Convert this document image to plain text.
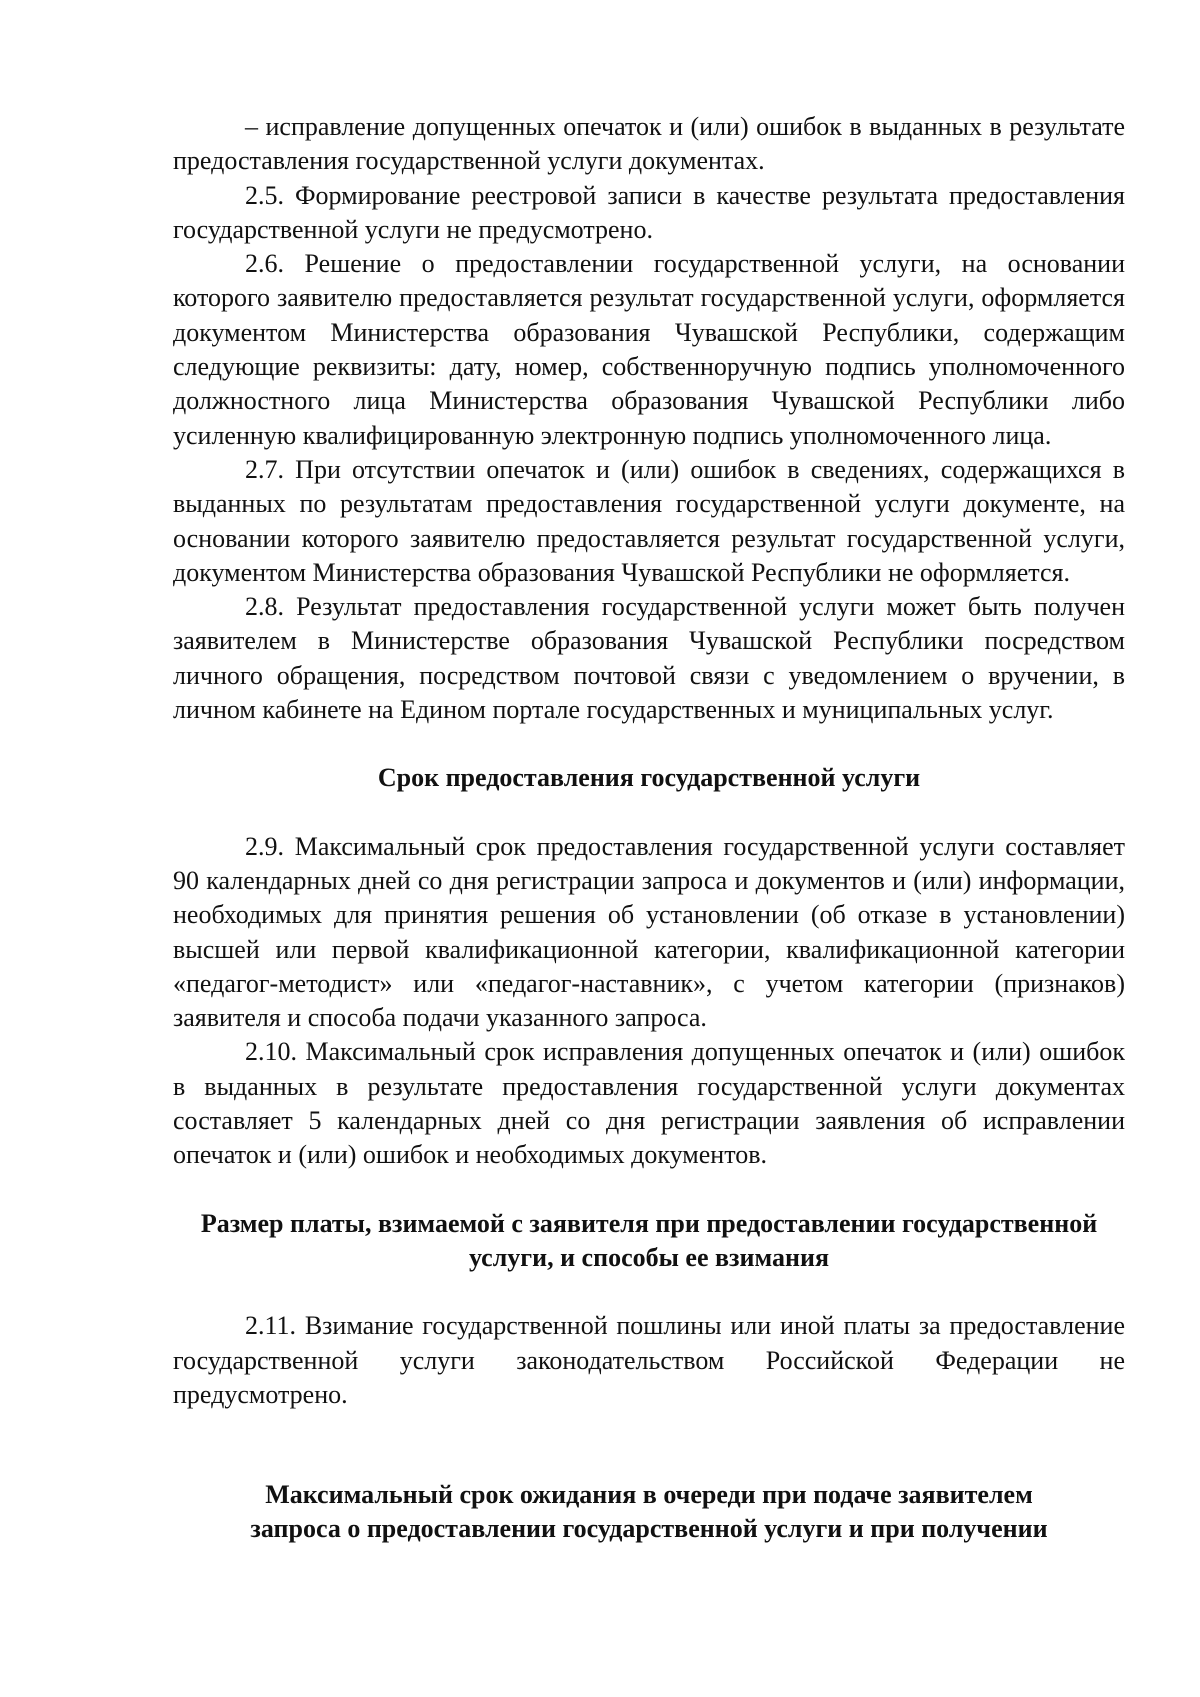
– исправление допущенных опечаток и (или) ошибок в выданных в результате предоставления государственной услуги документах.

2.5. Формирование реестровой записи в качестве результата предоставления государственной услуги не предусмотрено.

2.6. Решение о предоставлении государственной услуги, на основании которого заявителю предоставляется результат государственной услуги, оформляется документом Министерства образования Чувашской Республики, содержащим следующие реквизиты: дату, номер, собственноручную подпись уполномоченного должностного лица Министерства образования Чувашской Республики либо усиленную квалифицированную электронную подпись уполномоченного лица.

2.7. При отсутствии опечаток и (или) ошибок в сведениях, содержащихся в выданных по результатам предоставления государственной услуги документе, на основании которого заявителю предоставляется результат государственной услуги, документом Министерства образования Чувашской Республики не оформляется.

2.8. Результат предоставления государственной услуги может быть получен заявителем в Министерстве образования Чувашской Республики посредством личного обращения, посредством почтовой связи с уведомлением о вручении, в личном кабинете на Едином портале государственных и муниципальных услуг.

Срок предоставления государственной услуги

2.9. Максимальный срок предоставления государственной услуги составляет 90 календарных дней со дня регистрации запроса и документов и (или) информации, необходимых для принятия решения об установлении (об отказе в установлении) высшей или первой квалификационной категории, квалификационной категории «педагог-методист» или «педагог-наставник», с учетом категории (признаков) заявителя и способа подачи указанного запроса.

2.10. Максимальный срок исправления допущенных опечаток и (или) ошибок в выданных в результате предоставления государственной услуги документах составляет 5 календарных дней со дня регистрации заявления об исправлении опечаток и (или) ошибок и необходимых документов.

Размер платы, взимаемой с заявителя при предоставлении государственной
услуги, и способы ее взимания

2.11. Взимание государственной пошлины или иной платы за предоставление государственной услуги законодательством Российской Федерации не предусмотрено.

Максимальный срок ожидания в очереди при подаче заявителем
запроса о предоставлении государственной услуги и при получении
